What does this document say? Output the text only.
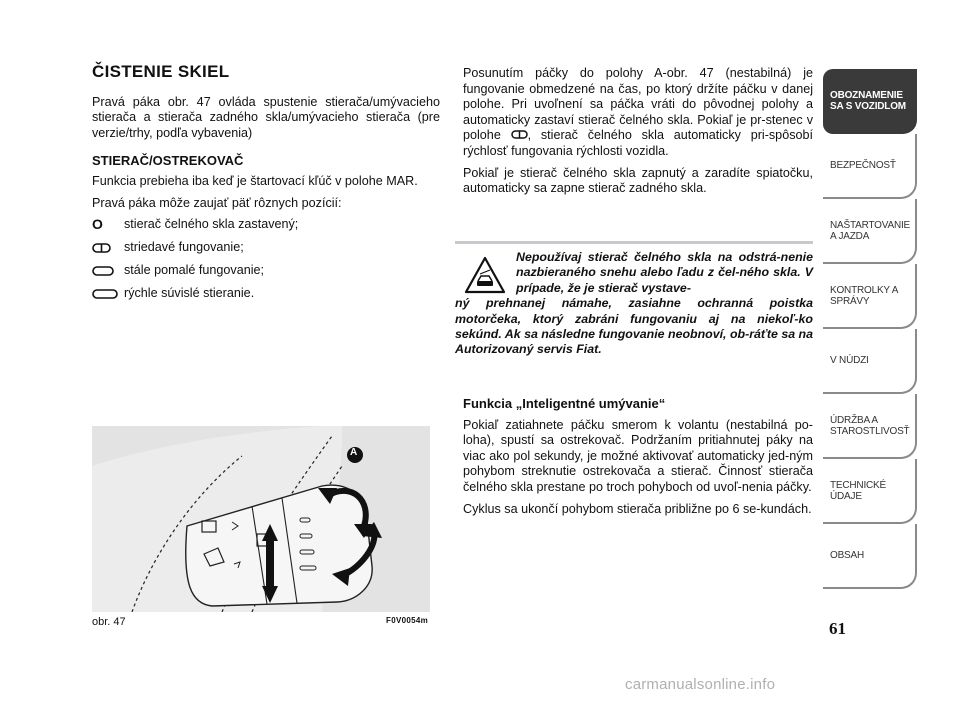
ČISTENIE SKIEL

Pravá páka obr. 47 ovláda spustenie stierača/umývacieho stierača a stierača zadného skla/umývacieho stierača (pre verzie/trhy, podľa vybavenia)

STIERAČ/OSTREKOVAČ

Funkcia prebieha iba keď je štartovací kľúč v polohe MAR.

Pravá páka môže zaujať päť rôznych pozícií:

O	stierač čelného skla zastavený;
striedavé fungovanie;
stále pomalé fungovanie;
rýchle súvislé stieranie.

Posunutím páčky do polohy A-obr. 47 (nestabilná) je fungovanie obmedzené na čas, po ktorý držíte páčku v danej polohe. Pri uvoľnení sa páčka vráti do pôvodnej polohy a automaticky zastaví stierač čelného skla. Pokiaľ je pr-stenec v polohe , stierač čelného skla automaticky pri-spôsobí rýchlosť fungovania rýchlosti vozidla.

Pokiaľ je stierač čelného skla zapnutý a zaradíte spiatočku, automaticky sa zapne stierač zadného skla.

Nepoužívaj stierač čelného skla na odstrá-nenie nazbieraného snehu alebo ľadu z čel-ného skla. V prípade, že je stierač vystave-
ný prehnanej námahe, zasiahne ochranná poistka motorčeka, ktorý zabráni fungovaniu aj na niekoľ-ko sekúnd. Ak sa následne fungovanie neobnoví, ob-ráťte sa na Autorizovaný servis Fiat.
Funkcia „Inteligentné umývanie“

Pokiaľ zatiahnete páčku smerom k volantu (nestabilná po-loha), spustí sa ostrekovač. Podržaním pritiahnutej páky na viac ako pol sekundy, je možné aktivovať automaticky jed-ným pohybom streknutie ostrekovača a stierač. Činnosť stierača čelného skla prestane po troch pohyboch od uvoľ-nenia páčky.

Cyklus sa ukončí pohybom stierača približne po 6 se-kundách.

A
obr. 47	F0V0054m
OBOZNAMENIE SA S VOZIDLOM
BEZPEČNOSŤ
NAŠTARTOVANIE A JAZDA
KONTROLKY A SPRÁVY
V NÚDZI
ÚDRŽBA A STAROSTLIVOSŤ
TECHNICKÉ ÚDAJE
OBSAH
61
carmanualsonline.info
